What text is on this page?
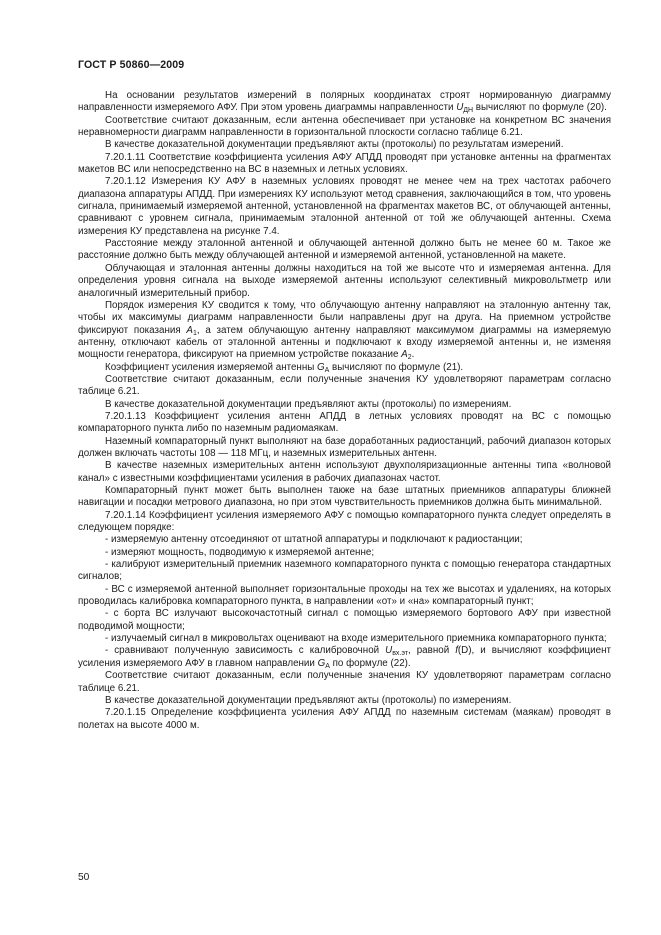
ГОСТ Р 50860—2009

На основании результатов измерений в полярных координатах строят нормированную диаграмму направленности измеряемого АФУ. При этом уровень диаграммы направленности $U_{ДН}$ вычисляют по формуле (20).

Соответствие считают доказанным, если антенна обеспечивает при установке на конкретном ВС значения неравномерности диаграмм направленности в горизонтальной плоскости согласно таблице 6.21.

В качестве доказательной документации предъявляют акты (протоколы) по результатам измерений.

7.20.1.11 Соответствие коэффициента усиления АФУ АПДД проводят при установке антенны на фрагментах макетов ВС или непосредственно на ВС в наземных и летных условиях.

7.20.1.12 Измерения КУ АФУ в наземных условиях проводят не менее чем на трех частотах рабочего диапазона аппаратуры АПДД. При измерениях КУ используют метод сравнения, заключающийся в том, что уровень сигнала, принимаемый измеряемой антенной, установленной на фрагментах макетов ВС, от облучающей антенны, сравнивают с уровнем сигнала, принимаемым эталонной антенной от той же облучающей антенны. Схема измерения КУ представлена на рисунке 7.4.

Расстояние между эталонной антенной и облучающей антенной должно быть не менее 60 м. Такое же расстояние должно быть между облучающей антенной и измеряемой антенной, установленной на макете.

Облучающая и эталонная антенны должны находиться на той же высоте что и измеряемая антенна. Для определения уровня сигнала на выходе измеряемой антенны используют селективный микровольтметр или аналогичный измерительный прибор.

Порядок измерения КУ сводится к тому, что облучающую антенну направляют на эталонную антенну так, чтобы их максимумы диаграмм направленности были направлены друг на друга. На приемном устройстве фиксируют показания $A_1$, а затем облучающую антенну направляют максимумом диаграммы на измеряемую антенну, отключают кабель от эталонной антенны и подключают к входу измеряемой антенны и, не изменяя мощности генератора, фиксируют на приемном устройстве показание $A_2$.

Коэффициент усиления измеряемой антенны $G_A$ вычисляют по формуле (21).

Соответствие считают доказанным, если полученные значения КУ удовлетворяют параметрам согласно таблице 6.21.

В качестве доказательной документации предъявляют акты (протоколы) по измерениям.

7.20.1.13 Коэффициент усиления антенн АПДД в летных условиях проводят на ВС с помощью компараторного пункта либо по наземным радиомаякам.

Наземный компараторный пункт выполняют на базе доработанных радиостанций, рабочий диапазон которых должен включать частоты 108 — 118 МГц, и наземных измерительных антенн.

В качестве наземных измерительных антенн используют двухполяризационные антенны типа «волновой канал» с известными коэффициентами усиления в рабочих диапазонах частот.

Компараторный пункт может быть выполнен также на базе штатных приемников аппаратуры ближней навигации и посадки метрового диапазона, но при этом чувствительность приемников должна быть минимальной.

7.20.1.14 Коэффициент усиления измеряемого АФУ с помощью компараторного пункта следует определять в следующем порядке:

- измеряемую антенну отсоединяют от штатной аппаратуры и подключают к радиостанции;

- измеряют мощность, подводимую к измеряемой антенне;

- калибруют измерительный приемник наземного компараторного пункта с помощью генератора стандартных сигналов;

- ВС с измеряемой антенной выполняет горизонтальные проходы на тех же высотах и удалениях, на которых проводилась калибровка компараторного пункта, в направлении «от» и «на» компараторный пункт;

- с борта ВС излучают высокочастотный сигнал с помощью измеряемого бортового АФУ при известной подводимой мощности;

- излучаемый сигнал в микровольтах оценивают на входе измерительного приемника компараторного пункта;

- сравнивают полученную зависимость с калибровочной $U_{вх.эт}$, равной f(D), и вычисляют коэффициент усиления измеряемого АФУ в главном направлении $G_A$ по формуле (22).

Соответствие считают доказанным, если полученные значения КУ удовлетворяют параметрам согласно таблице 6.21.

В качестве доказательной документации предъявляют акты (протоколы) по измерениям.

7.20.1.15 Определение коэффициента усиления АФУ АПДД по наземным системам (маякам) проводят в полетах на высоте 4000 м.

50
